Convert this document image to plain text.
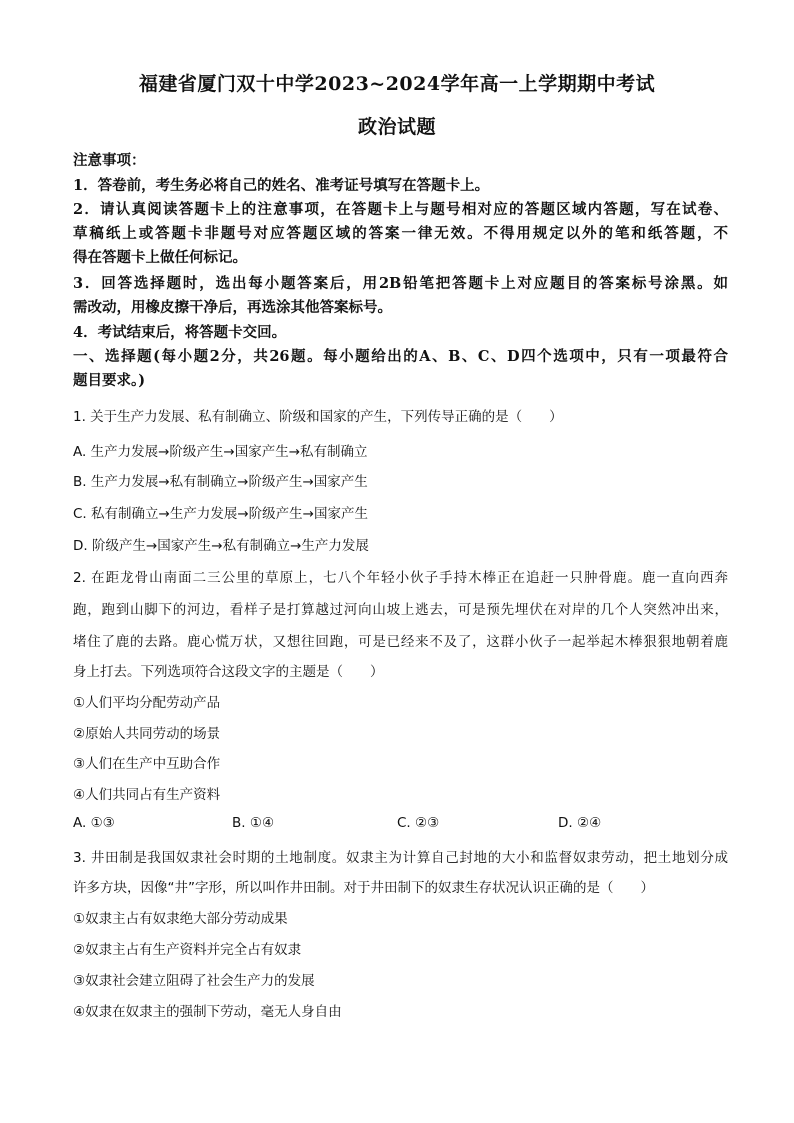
福建省厦门双十中学2023~2024学年高一上学期期中考试
政治试题
注意事项：
1．答卷前，考生务必将自己的姓名、准考证号填写在答题卡上。
2．请认真阅读答题卡上的注意事项，在答题卡上与题号相对应的答题区域内答题，写在试卷、
草稿纸上或答题卡非题号对应答题区域的答案一律无效。不得用规定以外的笔和纸答题，不
得在答题卡上做任何标记。
3．回答选择题时，选出每小题答案后，用2B铅笔把答题卡上对应题目的答案标号涂黑。如
需改动，用橡皮擦干净后，再选涂其他答案标号。
4．考试结束后，将答题卡交回。
一、选择题(每小题2分，共26题。每小题给出的A、B、C、D四个选项中，只有一项最符合
题目要求。)
1. 关于生产力发展、私有制确立、阶级和国家的产生，下列传导正确的是（　　）
A. 生产力发展→阶级产生→国家产生→私有制确立
B. 生产力发展→私有制确立→阶级产生→国家产生
C. 私有制确立→生产力发展→阶级产生→国家产生
D. 阶级产生→国家产生→私有制确立→生产力发展
2. 在距龙骨山南面二三公里的草原上，七八个年轻小伙子手持木棒正在追赶一只肿骨鹿。鹿一直向西奔
跑，跑到山脚下的河边，看样子是打算越过河向山坡上逃去，可是预先埋伏在对岸的几个人突然冲出来，
堵住了鹿的去路。鹿心慌万状，又想往回跑，可是已经来不及了，这群小伙子一起举起木棒狠狠地朝着鹿
身上打去。下列选项符合这段文字的主题是（　　）
①人们平均分配劳动产品
②原始人共同劳动的场景
③人们在生产中互助合作
④人们共同占有生产资料
A. ①③	B. ①④	C. ②③	D. ②④
3. 井田制是我国奴隶社会时期的土地制度。奴隶主为计算自己封地的大小和监督奴隶劳动，把土地划分成
许多方块，因像“井”字形，所以叫作井田制。对于井田制下的奴隶生存状况认识正确的是（　　）
①奴隶主占有奴隶绝大部分劳动成果
②奴隶主占有生产资料并完全占有奴隶
③奴隶社会建立阻碍了社会生产力的发展
④奴隶在奴隶主的强制下劳动，毫无人身自由
